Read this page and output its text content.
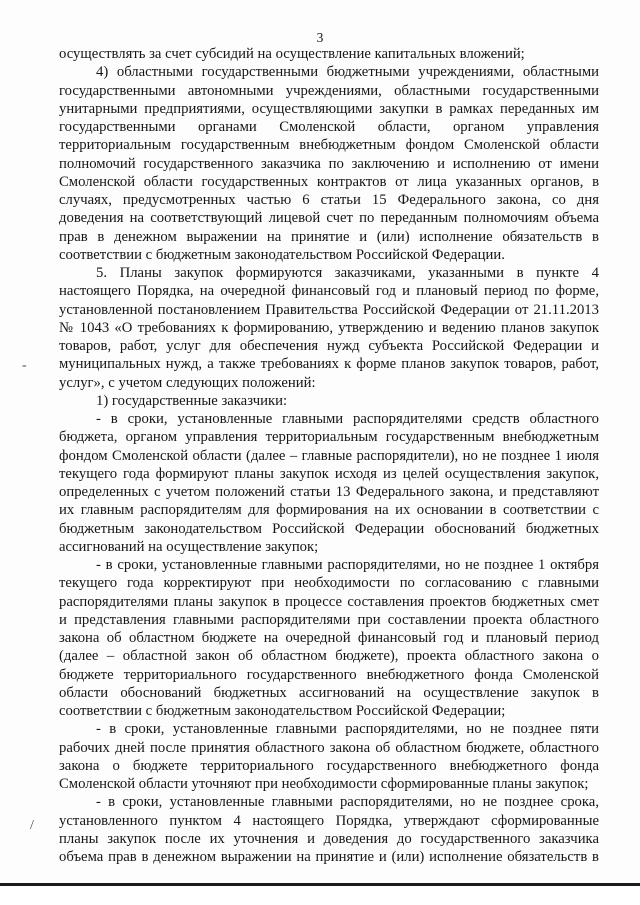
3
-
/
осуществлять за счет субсидий на осуществление капитальных вложений;
4) областными государственными бюджетными учреждениями, областными
государственными автономными учреждениями, областными государственными
унитарными предприятиями, осуществляющими закупки в рамках переданных им
государственными органами Смоленской области, органом управления
территориальным государственным внебюджетным фондом Смоленской области
полномочий государственного заказчика по заключению и исполнению от имени
Смоленской области государственных контрактов от лица указанных органов, в
случаях, предусмотренных частью 6 статьи 15 Федерального закона, со дня
доведения на соответствующий лицевой счет по переданным полномочиям объема
прав в денежном выражении на принятие и (или) исполнение обязательств в
соответствии с бюджетным законодательством Российской Федерации.
5. Планы закупок формируются заказчиками, указанными в пункте 4
настоящего Порядка, на очередной финансовый год и плановый период по форме,
установленной постановлением Правительства Российской Федерации от 21.11.2013
№ 1043 «О требованиях к формированию, утверждению и ведению планов закупок
товаров, работ, услуг для обеспечения нужд субъекта Российской Федерации и
муниципальных нужд, а также требованиях к форме планов закупок товаров, работ,
услуг», с учетом следующих положений:
1) государственные заказчики:
- в сроки, установленные главными распорядителями средств областного
бюджета, органом управления территориальным государственным внебюджетным
фондом Смоленской области (далее – главные распорядители), но не позднее 1 июля
текущего года формируют планы закупок исходя из целей осуществления закупок,
определенных с учетом положений статьи 13 Федерального закона, и представляют
их главным распорядителям для формирования на их основании в соответствии с
бюджетным законодательством Российской Федерации обоснований бюджетных
ассигнований на осуществление закупок;
- в сроки, установленные главными распорядителями, но не позднее 1 октября
текущего года корректируют при необходимости по согласованию с главными
распорядителями планы закупок в процессе составления проектов бюджетных смет
и представления главными распорядителями при составлении проекта областного
закона об областном бюджете на очередной финансовый год и плановый период
(далее – областной закон об областном бюджете), проекта областного закона о
бюджете территориального государственного внебюджетного фонда Смоленской
области обоснований бюджетных ассигнований на осуществление закупок в
соответствии с бюджетным законодательством Российской Федерации;
- в сроки, установленные главными распорядителями, но не позднее пяти
рабочих дней после принятия областного закона об областном бюджете, областного
закона о бюджете территориального государственного внебюджетного фонда
Смоленской области уточняют при необходимости сформированные планы закупок;
- в сроки, установленные главными распорядителями, но не позднее срока,
установленного пунктом 4 настоящего Порядка, утверждают сформированные
планы закупок после их уточнения и доведения до государственного заказчика
объема прав в денежном выражении на принятие и (или) исполнение обязательств в
